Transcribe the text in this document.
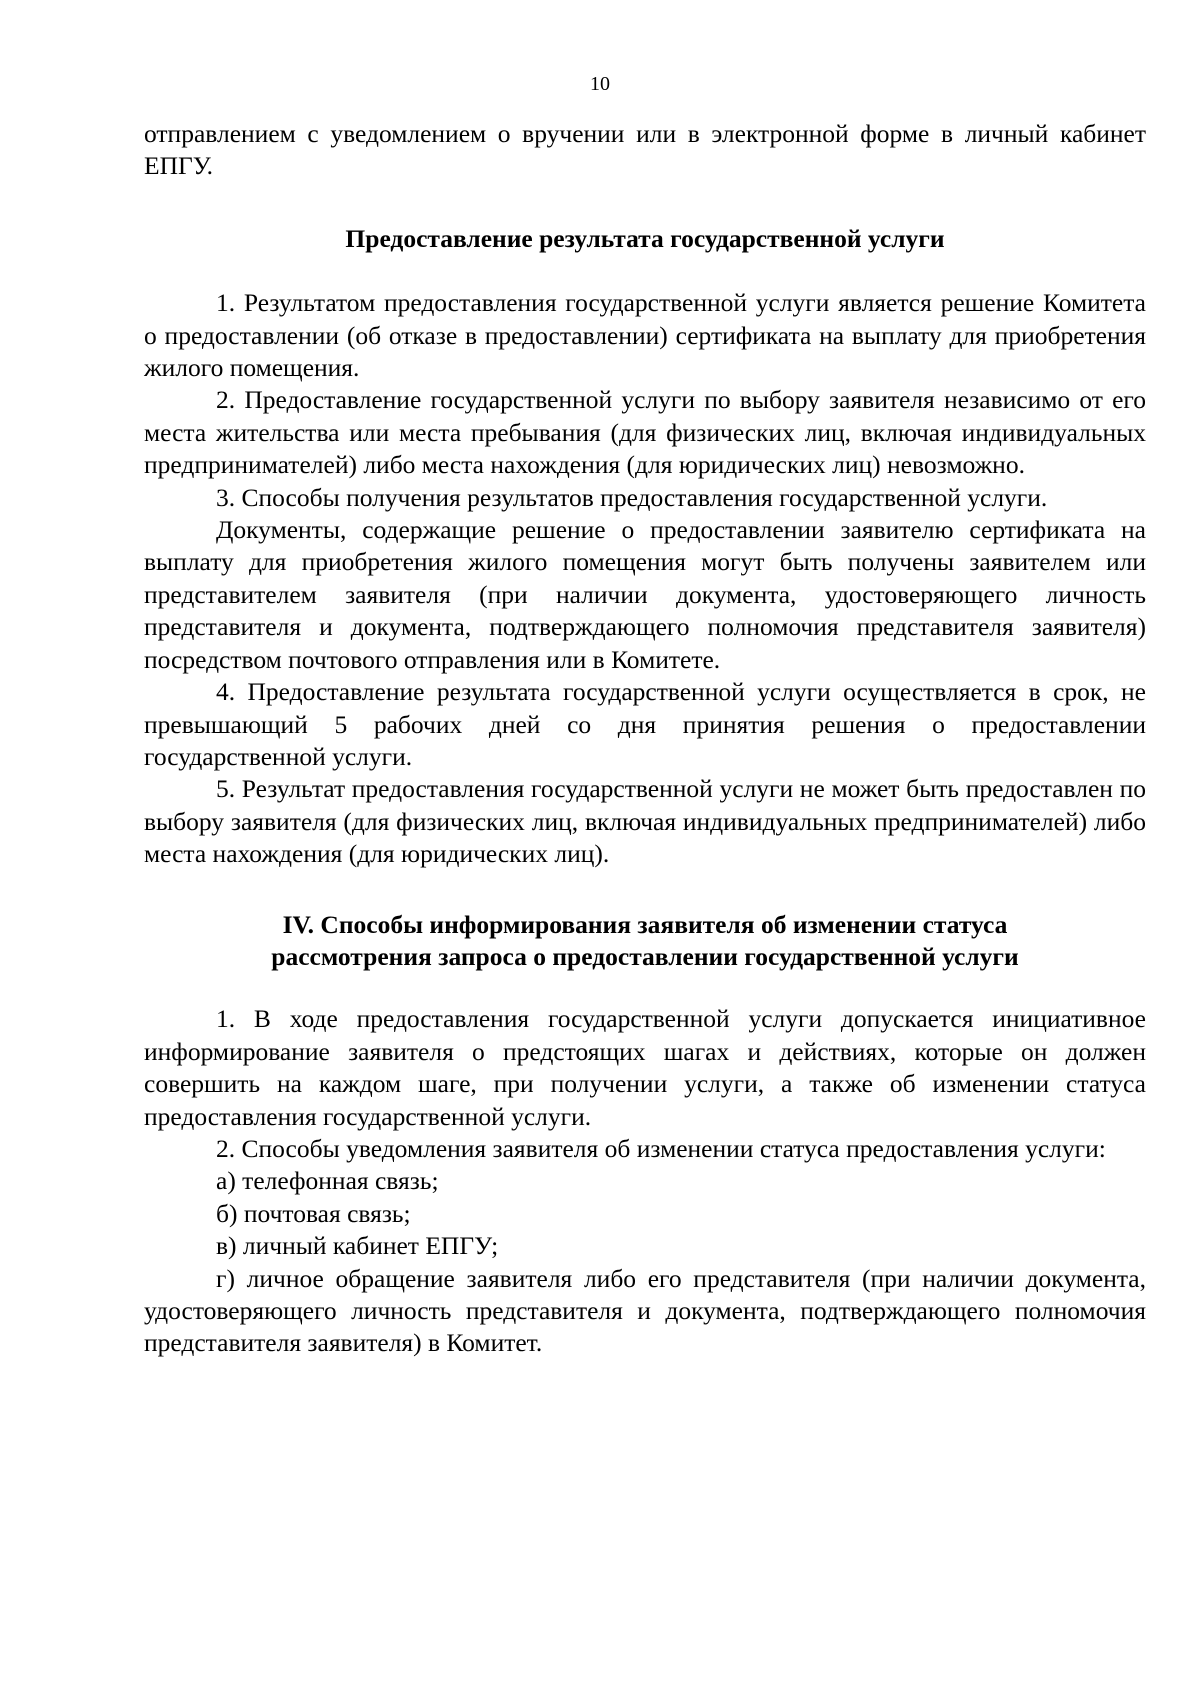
10

отправлением с уведомлением о вручении или в электронной форме в личный кабинет ЕПГУ.

Предоставление результата государственной услуги

1. Результатом предоставления государственной услуги является решение Комитета о предоставлении (об отказе в предоставлении) сертификата на выплату для приобретения жилого помещения.

2. Предоставление государственной услуги по выбору заявителя независимо от его места жительства или места пребывания (для физических лиц, включая индивидуальных предпринимателей) либо места нахождения (для юридических лиц) невозможно.

3. Способы получения результатов предоставления государственной услуги.

Документы, содержащие решение о предоставлении заявителю сертификата на выплату для приобретения жилого помещения могут быть получены заявителем или представителем заявителя (при наличии документа, удостоверяющего личность представителя и документа, подтверждающего полномочия представителя заявителя) посредством почтового отправления или в Комитете.

4. Предоставление результата государственной услуги осуществляется в срок, не превышающий 5 рабочих дней со дня принятия решения о предоставлении государственной услуги.

5. Результат предоставления государственной услуги не может быть предоставлен по выбору заявителя (для физических лиц, включая индивидуальных предпринимателей) либо места нахождения (для юридических лиц).

IV. Способы информирования заявителя об изменении статуса
рассмотрения запроса о предоставлении государственной услуги

1. В ходе предоставления государственной услуги допускается инициативное информирование заявителя о предстоящих шагах и действиях, которые он должен совершить на каждом шаге, при получении услуги, а также об изменении статуса предоставления государственной услуги.

2. Способы уведомления заявителя об изменении статуса предоставления услуги:

а) телефонная связь;

б) почтовая связь;

в) личный кабинет ЕПГУ;

г) личное обращение заявителя либо его представителя (при наличии документа, удостоверяющего личность представителя и документа, подтверждающего полномочия представителя заявителя) в Комитет.
